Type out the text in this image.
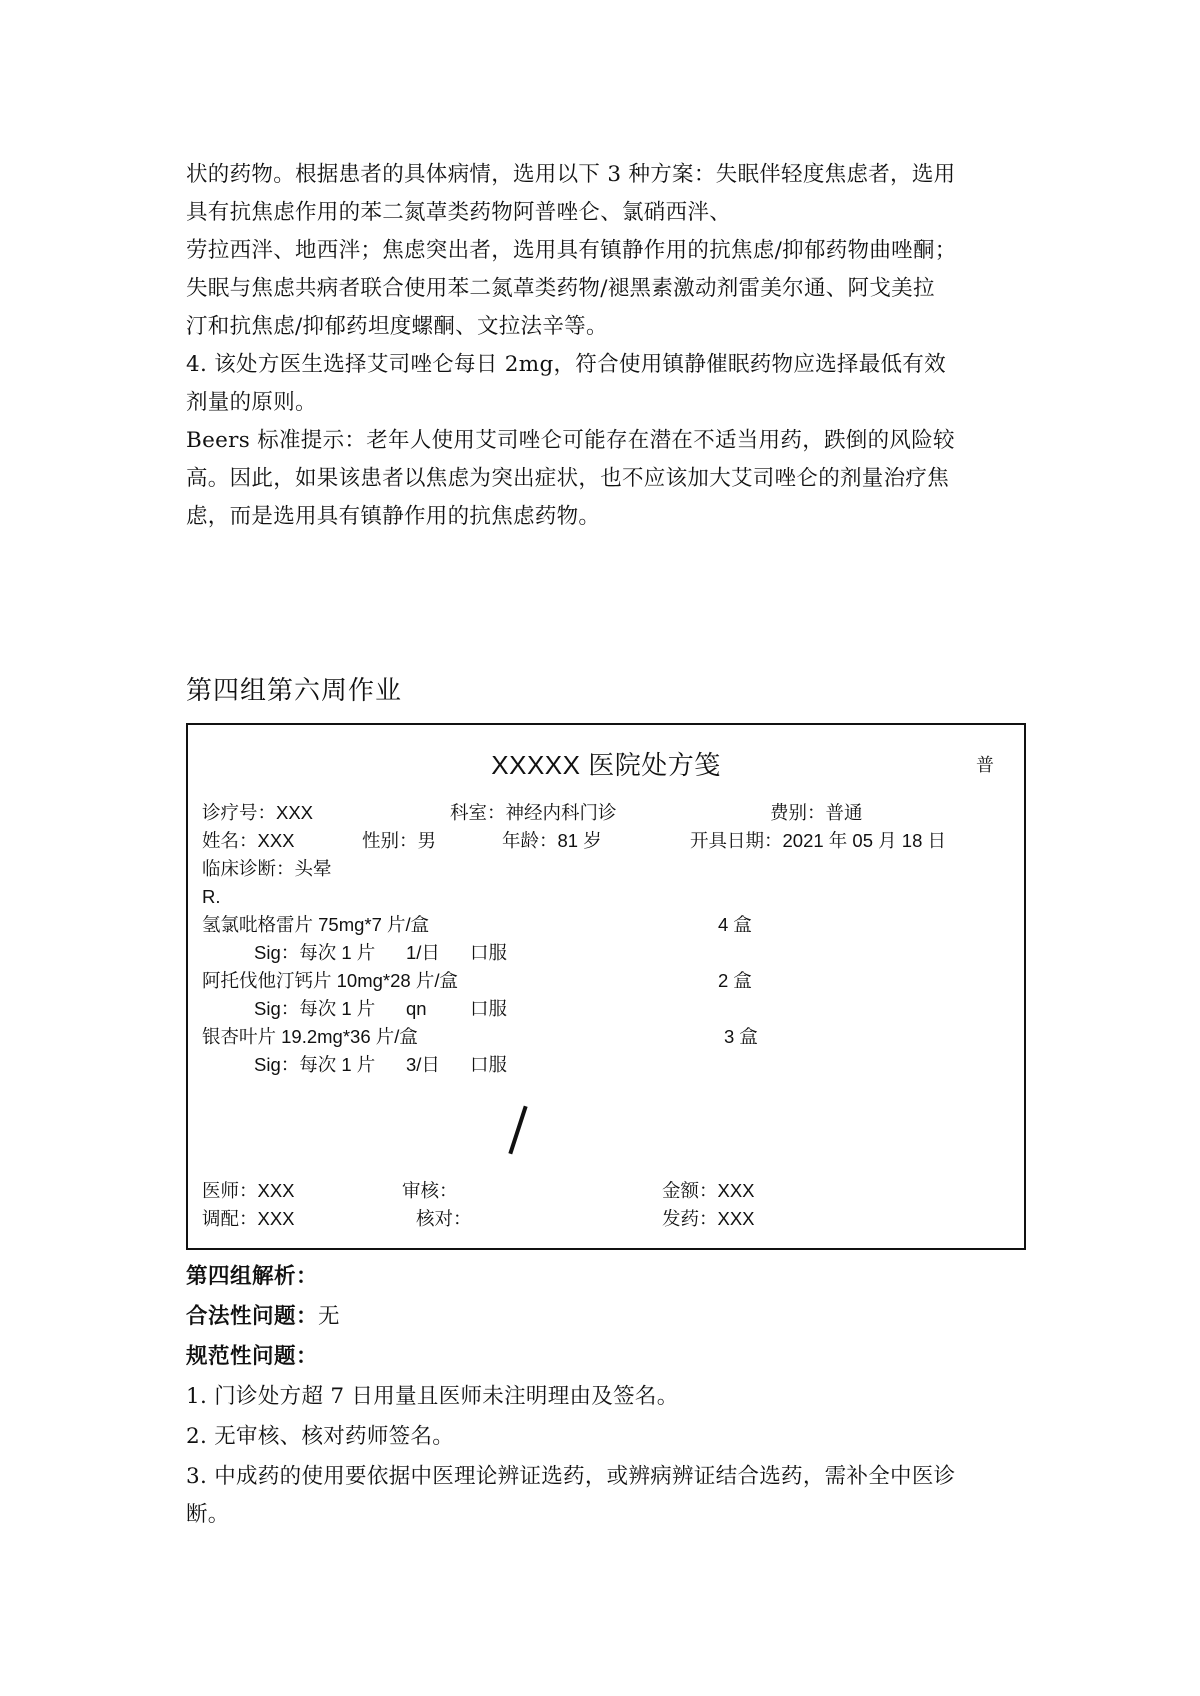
状的药物。根据患者的具体病情，选用以下 3 种方案：失眠伴轻度焦虑者，选用
具有抗焦虑作用的苯二氮䓬类药物阿普唑仑、氯硝西泮、
劳拉西泮、地西泮；焦虑突出者，选用具有镇静作用的抗焦虑/抑郁药物曲唑酮；
失眠与焦虑共病者联合使用苯二氮䓬类药物/褪黑素激动剂雷美尔通、阿戈美拉
汀和抗焦虑/抑郁药坦度螺酮、文拉法辛等。
4. 该处方医生选择艾司唑仑每日 2mg，符合使用镇静催眠药物应选择最低有效
剂量的原则。
Beers 标准提示：老年人使用艾司唑仑可能存在潜在不适当用药，跌倒的风险较
高。因此，如果该患者以焦虑为突出症状，也不应该加大艾司唑仑的剂量治疗焦
虑，而是选用具有镇静作用的抗焦虑药物。
第四组第六周作业
XXXXX 医院处方笺	普
诊疗号：XXX	科室：神经内科门诊	费别：普通
姓名：XXX	性别：男	年龄：81 岁	开具日期：2021 年 05 月 18 日
临床诊断：头晕
R.
氢氯吡格雷片 75mg*7 片/盒	4 盒
Sig：每次 1 片 1/日 口服
阿托伐他汀钙片 10mg*28 片/盒	2 盒
Sig：每次 1 片 qn 口服
银杏叶片 19.2mg*36 片/盒	3 盒
Sig：每次 1 片 3/日 口服
医师：XXX	审核：	金额：XXX
调配：XXX	核对：	发药：XXX
第四组解析：
合法性问题：无
规范性问题：
1. 门诊处方超 7 日用量且医师未注明理由及签名。
2. 无审核、核对药师签名。
3. 中成药的使用要依据中医理论辨证选药，或辨病辨证结合选药，需补全中医诊
断。
